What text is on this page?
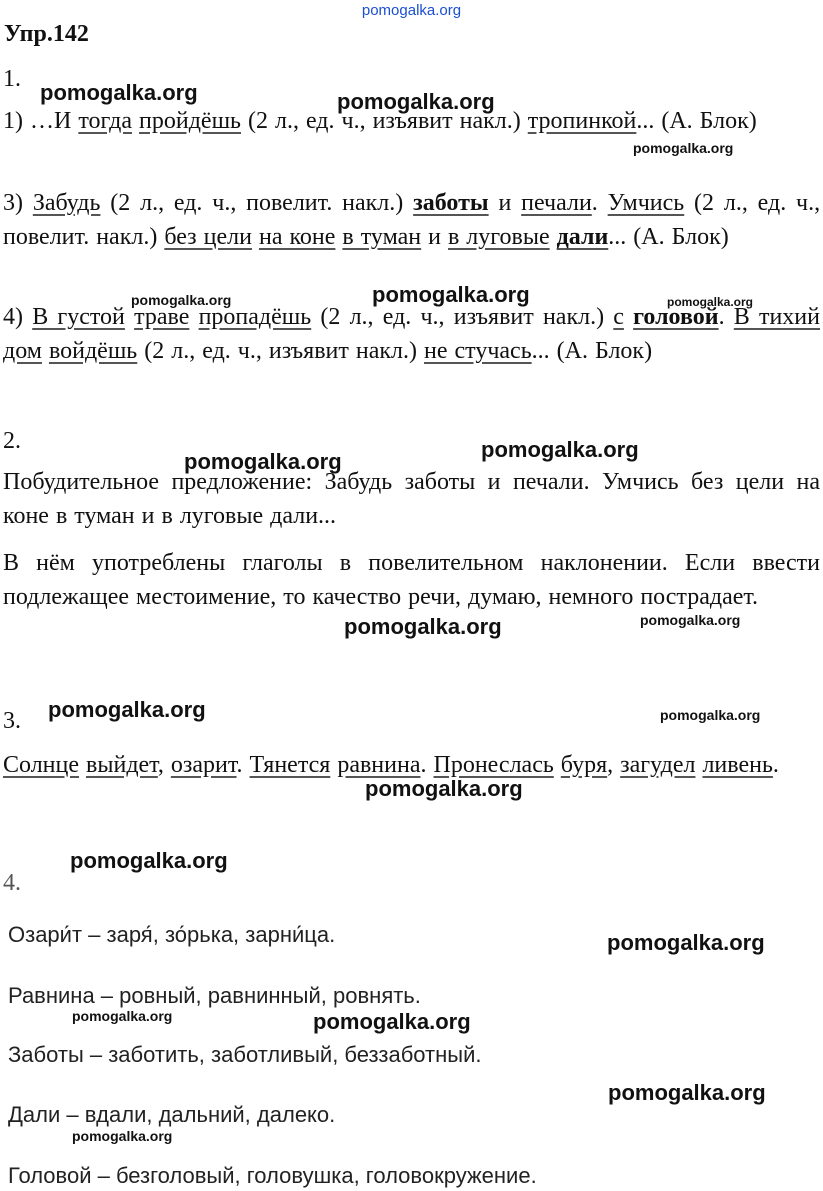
pomogalka.org
Упр.142
1.
1) …И тогда пройдёшь (2 л., ед. ч., изъявит накл.) тропинкой... (А. Блок)
3) Забудь (2 л., ед. ч., повелит. накл.) заботы и печали. Умчись (2 л., ед. ч., повелит. накл.) без цели на коне в туман и в луговые дали... (А. Блок)
4) В густой траве пропадёшь (2 л., ед. ч., изъявит накл.) с головой. В тихий дом войдёшь (2 л., ед. ч., изъявит накл.) не стучась... (А. Блок)
2.
Побудительное предложение: Забудь заботы и печали. Умчись без цели на коне в туман и в луговые дали...
В нём употреблены глаголы в повелительном наклонении. Если ввести подлежащее местоимение, то качество речи, думаю, немного пострадает.
3.
Солнце выйдет, озарит. Тянется равнина. Пронеслась буря, загудел ливень.
4.
Озари́т – заря́, зо́рька, зарни́ца.
Равнина – ровный, равнинный, ровнять.
Заботы – заботить, заботливый, беззаботный.
Дали – вдали, дальний, далеко.
Головой – безголовый, головушка, головокружение.
pomogalka.org	pomogalka.org
pomogalka.org
pomogalka.org	pomogalka.org	pomogalka.org
pomogalka.org
pomogalka.org
pomogalka.org	pomogalka.org
pomogalka.org	pomogalka.org
pomogalka.org
pomogalka.org
pomogalka.org
pomogalka.org	pomogalka.org
pomogalka.org
pomogalka.org
